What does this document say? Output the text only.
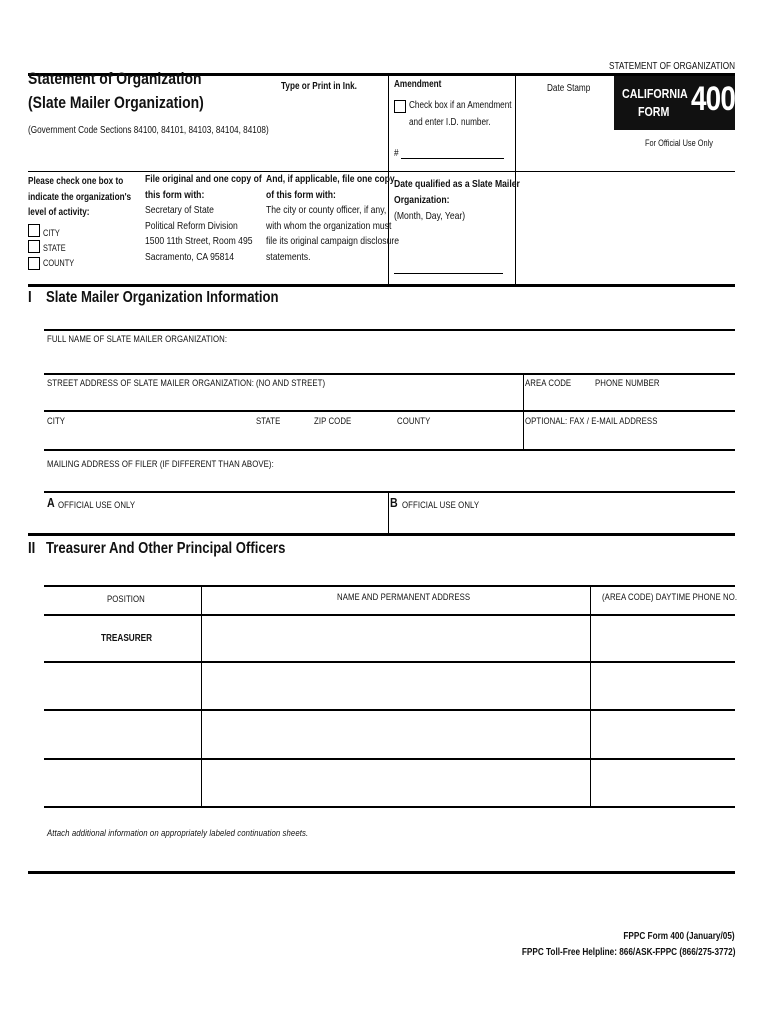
STATEMENT OF ORGANIZATION
Statement of Organization
(Slate Mailer Organization)
(Government Code Sections 84100, 84101, 84103, 84104, 84108)
Type or Print in Ink.	Amendment
Check box if an Amendment
and enter I.D. number.
#
Date Stamp CALIFORNIA
FORM 400
For Official Use Only
Please check one box to
indicate the organization's
level of activity:
CITY
STATE
COUNTY
File original and one copy of
this form with:
Secretary of State
Political Reform Division
1500 11th Street, Room 495
Sacramento, CA 95814
And, if applicable, file one copy
of this form with:
The city or county officer, if any,
with whom the organization must
file its original campaign disclosure
statements.
Date qualified as a Slate Mailer
Organization:
(Month, Day, Year)
I Slate Mailer Organization Information
FULL NAME OF SLATE MAILER ORGANIZATION:
STREET ADDRESS OF SLATE MAILER ORGANIZATION: (NO AND STREET)	AREA CODE	PHONE NUMBER
CITY	STATE	ZIP CODE	COUNTY	OPTIONAL: FAX / E-MAIL ADDRESS
MAILING ADDRESS OF FILER (IF DIFFERENT THAN ABOVE):
A OFFICIAL USE ONLY	B OFFICIAL USE ONLY
II Treasurer And Other Principal Officers
POSITION	NAME AND PERMANENT ADDRESS	(AREA CODE) DAYTIME PHONE NO.
TREASURER
Attach additional information on appropriately labeled continuation sheets.
FPPC Form 400 (January/05)
FPPC Toll-Free Helpline: 866/ASK-FPPC (866/275-3772)
